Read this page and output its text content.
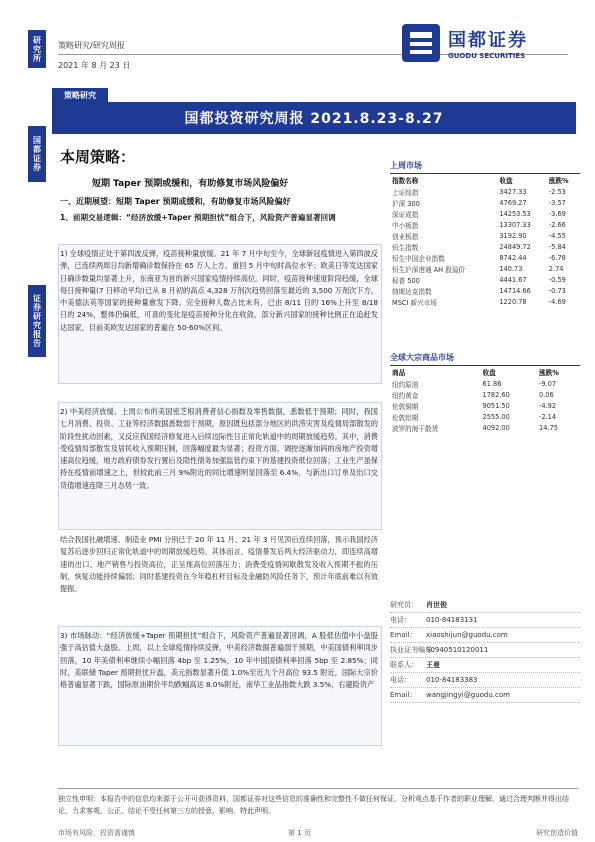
研究所
国都证券
证券研究报告
策略研究/研究周报
2021 年 8 月 23 日
国都证券
GUODU SECURITIES
策略研究
国都投资研究周报 2021.8.23-8.27
本周策略：
短期 Taper 预期或缓和，有助修复市场风险偏好
一、近期展望：短期 Taper 预期或缓和，有助修复市场风险偏好
1、前期交易逻辑：“经济放缓+Taper 预期担忧”组合下，风险资产普遍显著回调
1) 全球疫情正处于第四波反弹，疫苗接种量放缓。21 年 7 月中旬至今，全球新冠疫情进入第四波反弹，已连续两周日均新增确诊数保持在 65 万人上方，重回 5 月中旬时高位水平；欧美日等发达国家日确诊数量均显著上升，东南亚为首的新兴国家疫情持续高位。同时，疫苗接种速度阶段趋缓，全球每日接种量(7 日移动平均)已从 8 月初的高点 4,328 万剂次趋势回落至最近的 3,500 万剂次下方，中美德法英等国家的接种量愈发下降。完全接种人数占比未有，已由 8/11 日的 16%上升至 8/18 日的 24%，整体仍偏低，可喜的变化是疫苗接种分化在收敛，部分新兴国家的接种比例正在追赶发达国家，目前美欧发达国家的普遍在 50-60%区间。
2) 中美经济放缓。上周公布的美国密芝根消费者信心指数及零售数据，悉数低于预期；同时，我国七月消费、投资、工业等经济数据悉数弱于预期，原因既包括部分地区的洪涝灾害及疫情局部散发的阶段性扰动因素，又反应我国经济修复进入后续边际性日正常化轨道中的周期放缓趋势。其中，消费受疫情局部散发及居民收入预期压制，回落幅度最为显著；投资方面，调控逐渐加码的房地产投资增速高位趋缓，地方政府债券发行置后及隐性债务加强监管约束下的基建投资低位回落；工业生产虽保持在疫情前增速之上，但较此前三月 9%附近的同比增速明显回落至 6.4%，与新出口订单及出口交货值增速连降三月态势一致。
结合我国社融增速、制造业 PMI 分别已于 20 年 11 月、21 年 3 月见顶后连续回落，预示我国经济复苏后逐步回归正常化轨道中的周期放缓趋势。其体而言，疫情暴发后两大经济驱动力，即连续高增速的出口、地产销售与投资高位，正呈现高位回落压力；消费受疫情间歇散发及收入预期不振的压制，恢复动能持续偏弱；同时基建投资在今年稳杠杆目标及金融防风险任务下，预计年底前难以有效提振。
3) 市场脉动：“经济放缓+Taper 预期担忧”组合下，风险资产普遍显著回调，A 股低估值中小盘股强于高估值大盘股。上周，以上全球疫情持续反弹，中美经济数据普遍弱于预期，中美国债利率同步回落，10 年美债利率继续小幅回落 4bp 至 1.25%，10 年中国国债利率回落 5bp 至 2.85%；同时，美联储 Taper 预期担忧升温，美元指数显著升值 1.0%至近九个月高位 93.5 附近，国际大宗价格普遍显著下跌，国际原油期价平均跌幅高达 8.0%附近，南华工业品指数大跌 3.5%，右避险资产
上周市场
指数名称	收盘	涨跌%
上证综指	3427.33	-2.53
沪深 300	4769.27	-3.57
深证成指	14253.53	-3.69
中小板指	13307.33	-2.66
创业板指	3192.90	-4.55
恒生指数	24849.72	-5.84
恒生中国企业指数	8742.44	-6.78
恒生沪深港通 AH 股溢价	140.73	2.74
标普 500	4441.67	-0.59
纳斯达克指数	14714.66	-0.73
MSCI 新兴市场	1220.78	-4.69
全球大宗商品市场
商品	收盘	涨跌%
纽约原油	61.86	-9.07
纽约黄金	1782.60	0.06
伦敦铜期	9051.50	-4.92
伦敦铝期	2555.00	-2.14
波罗的海干散货	4092.00	14.75
研究员： 肖世俊
电话： 010-84183131
Email： xiaoshijun@guodu.com
执业证书编号：S0940510120011
联系人： 王曼
电话： 010-84183383
Email： wangjingyi@guodu.com
独立性申明：本报告中的信息均来源于公开可获得资料，国都证券对这些信息的准确性和完整性不做任何保证。分析观点基于作者的职业理解，通过合理判断并得出结论，力求客观、公正，结论不受任何第三方的授意、影响，特此声明。
市场有风险，投资需谨慎	第 1 页	研究创造价值
